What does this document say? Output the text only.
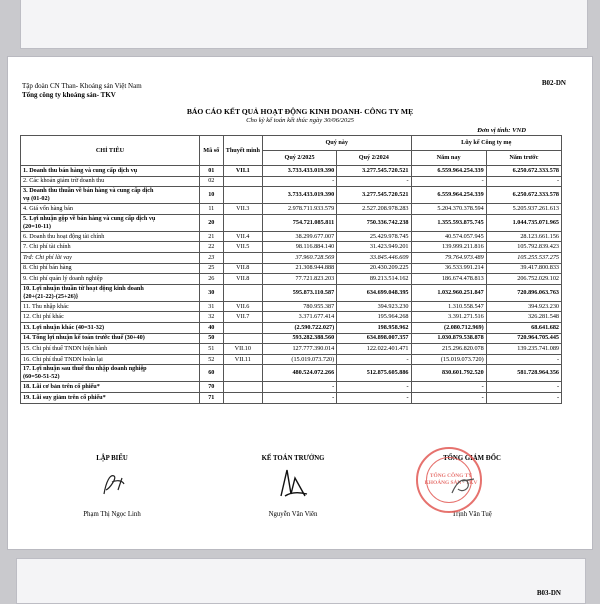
Tập đoàn CN Than- Khoáng sản Việt Nam
Tổng công ty khoáng sản- TKV
B02-DN
BÁO CÁO KẾT QUẢ HOẠT ĐỘNG KINH DOANH- CÔNG TY MẸ
Cho kỳ kế toán kết thúc ngày 30/06/2025
Đơn vị tính: VND
CHỈ TIÊU	Mã số	Thuyết minh	Quý này		Lũy kế Công ty mẹ	
			Quý 2/2025	Quý 2/2024	Năm nay	Năm trước

1. Doanh thu bán hàng và cung cấp dịch vụ	01	VII.1	3.733.433.019.390	3.277.545.720.521	6.559.964.254.339	6.250.672.333.578

2. Các khoản giảm trừ doanh thu	02		-	-	-	-

3. Doanh thu thuần về bán hàng và cung cấp dịch
vụ (01-02)	10		3.733.433.019.390	3.277.545.720.521	6.559.964.254.339	6.250.672.333.578

4. Giá vốn hàng bán	11	VII.3	2.978.711.933.579	2.527.208.978.283	5.204.370.378.594	5.205.937.261.613

5. Lợi nhuận gộp về bán hàng và cung cấp dịch vụ
(20=10-11)	20		754.721.085.811	750.336.742.238	1.355.593.875.745	1.044.735.071.965

6. Doanh thu hoạt động tài chính	21	VII.4	38.299.677.007	25.429.978.745	40.574.057.945	28.123.661.156

7. Chi phí tài chính	22	VII.5	98.116.884.140	31.423.949.201	139.999.211.816	105.792.839.423

Trđ: Chi phí lãi vay	23		37.960.728.569	33.845.446.609	79.764.973.489	105.255.537.275

8. Chi phí bán hàng	25	VII.8	21.308.944.888	20.430.209.225	36.533.991.214	39.417.800.833

9. Chi phí quản lý doanh nghiệp	26	VII.8	77.721.823.203	89.213.514.162	186.674.478.813	206.752.029.102

10. Lợi nhuận thuần từ hoạt động kinh doanh
{20+(21-22)-(25+26)}	30		595.873.110.587	634.699.048.395	1.032.960.251.847	720.896.063.763

11. Thu nhập khác	31	VII.6	780.955.387	394.923.230	1.310.558.547	394.923.230

12. Chi phí khác	32	VII.7	3.371.677.414	195.964.268	3.391.271.516	326.281.548

13. Lợi nhuận khác (40=31-32)	40		(2.590.722.027)	198.958.962	(2.080.712.969)	68.641.682

14. Tổng lợi nhuận kế toán trước thuế (30+40)	50		593.282.388.560	634.898.007.357	1.030.879.538.878	720.964.705.445

15. Chi phí thuế TNDN hiện hành	51	VII.10	127.777.390.014	122.022.401.471	215.296.820.078	139.235.741.089

16. Chi phí thuế TNDN hoãn lại	52	VII.11	(15.019.073.720)	-	(15.019.073.720)	-

17. Lợi nhuận sau thuế thu nhập doanh nghiệp
(60=50-51-52)	60		480.524.072.266	512.875.605.886	830.601.792.520	581.728.964.356

18. Lãi cơ bản trên cổ phiếu*	70		-	-	-	-

19. Lãi suy giảm trên cổ phiếu*	71		-	-	-	-
LẬP BIỂU
Phạm Thị Ngọc Linh
KẾ TOÁN TRƯỞNG
Nguyễn Văn Viên
TỔNG GIÁM ĐỐC
Trịnh Văn Tuệ
TỔNG CÔNG TY
KHOÁNG SẢN - TKV
B03-DN
